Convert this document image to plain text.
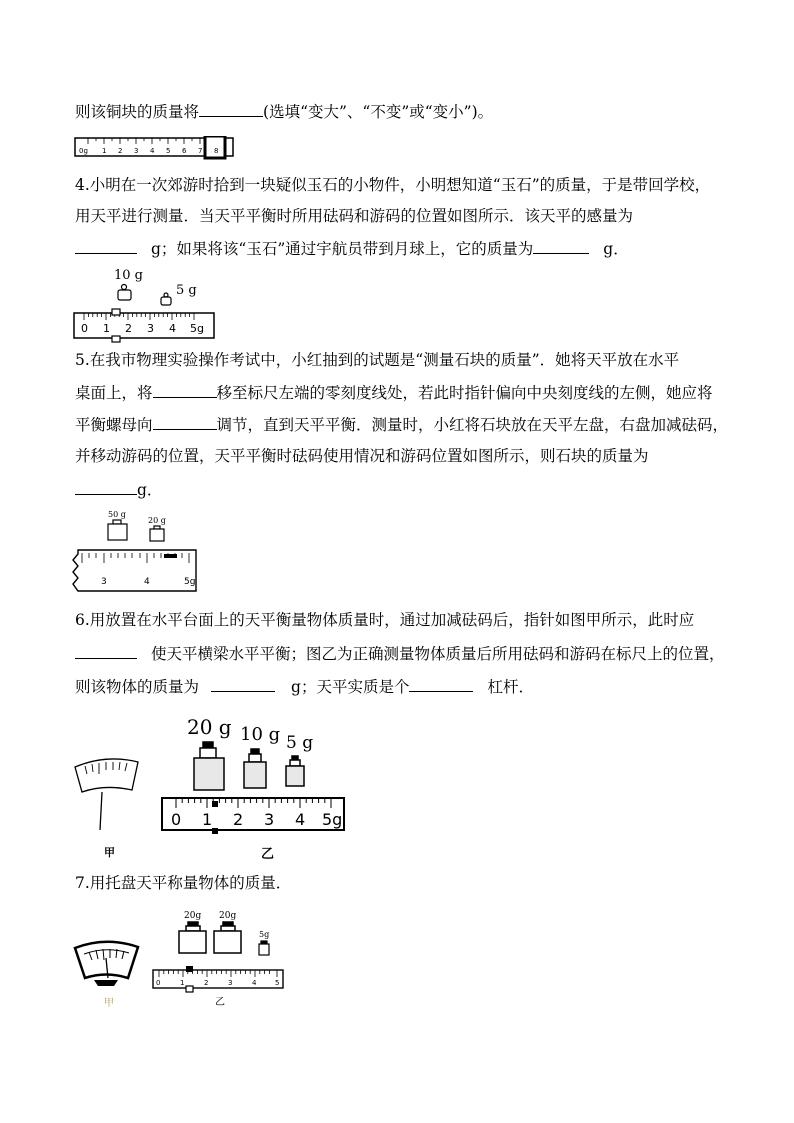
则该铜块的质量将	(选填“变大”、“不变”或“变小”)。
0g 1 2 3 4 5 6 7 8
4.小明在一次郊游时拾到一块疑似玉石的小物件，小明想知道“玉石”的质量，于是带回学校，
用天平进行测量．当天平平衡时所用砝码和游码的位置如图所示．该天平的感量为
g；如果将该“玉石”通过宇航员带到月球上，它的质量为	g．
10 g
5 g
0 1 2 3 4 5g
5.在我市物理实验操作考试中，小红抽到的试题是“测量石块的质量”．她将天平放在水平
桌面上，将	移至标尺左端的零刻度线处，若此时指针偏向中央刻度线的左侧，她应将
平衡螺母向	调节，直到天平平衡．测量时，小红将石块放在天平左盘，右盘加减砝码，
并移动游码的位置，天平平衡时砝码使用情况和游码位置如图所示，则石块的质量为
g．
50 g
20 g
3	4	5g
6.用放置在水平台面上的天平衡量物体质量时，通过加减砝码后，指针如图甲所示，此时应
使天平横梁水平平衡；图乙为正确测量物体质量后所用砝码和游码在标尺上的位置，
则该物体的质量为	g；天平实质是个	杠杆．
甲
20 g 10 g 5 g
0 1 2 3 4 5g
乙
7.用托盘天平称量物体的质量．
甲
20g 20g
5g
0	1	2	3	4	5
乙
